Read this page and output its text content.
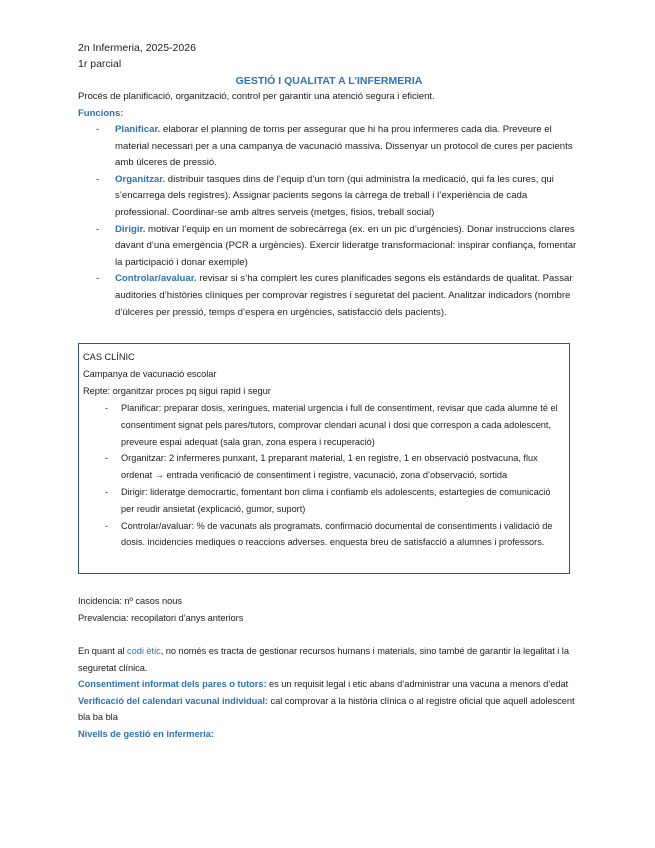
2n Infermeria, 2025-2026
1r parcial
GESTIÓ I QUALITAT A L’INFERMERIA
Procés de planificació, organització, control per garantir una atenció segura i eficient.
Funcions:
- Planificar. elaborar el planning de torns per assegurar que hi ha prou infermeres cada dia. Preveure el material necessari per a una campanya de vacunació massiva. Dissenyar un protocol de cures per pacients amb úlceres de pressió.
- Organitzar. distribuir tasques dins de l’equip d’un torn (qui administra la medicació, qui fa les cures, qui s’encarrega dels registres). Assignar pacients segons la càrrega de treball i l’experiència de cada professional. Coordinar-se amb altres serveis (metges, fisios, treball social)
- Dirigir. motivar l’equip en un moment de sobrecàrrega (ex. en un pic d’urgències). Donar instruccions clares davant d’una emergència (PCR a urgències). Exercir lideratge transformacional: inspirar confiança, fomentar la participació i donar exemple)
- Controlar/avaluar. revisar si s’ha complert les cures planificades segons els estàndards de qualitat. Passar auditories d’històries clíniques per comprovar registres i seguretat del pacient. Analitzar indicadors (nombre d’úlceres per pressió, temps d’espera en urgències, satisfacció dels pacients).
CAS CLÍNIC
Campanya de vacunació escolar
Repte: organitzar proces pq sigui rapid i segur
- Planificar: preparar dosis, xeringues, material urgencia i full de consentiment, revisar que cada alumne té el consentiment signat pels pares/tutors, comprovar clendari acunal i dosi que correspon a cada adolescent, preveure espai adequat (sala gran, zona espera i recuperació)
- Organitzar: 2 infermeres punxant, 1 preparant material, 1 en registre, 1 en observació postvacuna, flux ordenat → entrada verificació de consentiment i registre, vacunació, zona d’observació, sortida
- Dirigir: lideratge democrartic, fomentant bon clima i confiamb els adolescents, estartegies de comunicació per reudir ansietat (explicació, gumor, suport)
- Controlar/avaluar: % de vacunats als programats. confirmació documental de consentiments i validació de dosis. incidencies mediques o reaccions adverses. enquesta breu de satisfacció a alumnes i professors.
Incidencia: nº casos nous
Prevalencia: recopilatori d’anys anteriors
En quant al codi ètic, no només es tracta de gestionar recursos humans i materials, sino també de garantir la legalitat i la seguretat clínica.
Consentiment informat dels pares o tutors: es un requisit legal i etic abans d’administrar una vacuna a menors d’edat
Verificació del calendari vacunal individual: cal comprovar a la història clínica o al registre oficial que aquell adolescent bla ba bla
Nivells de gestió en infermeria:
